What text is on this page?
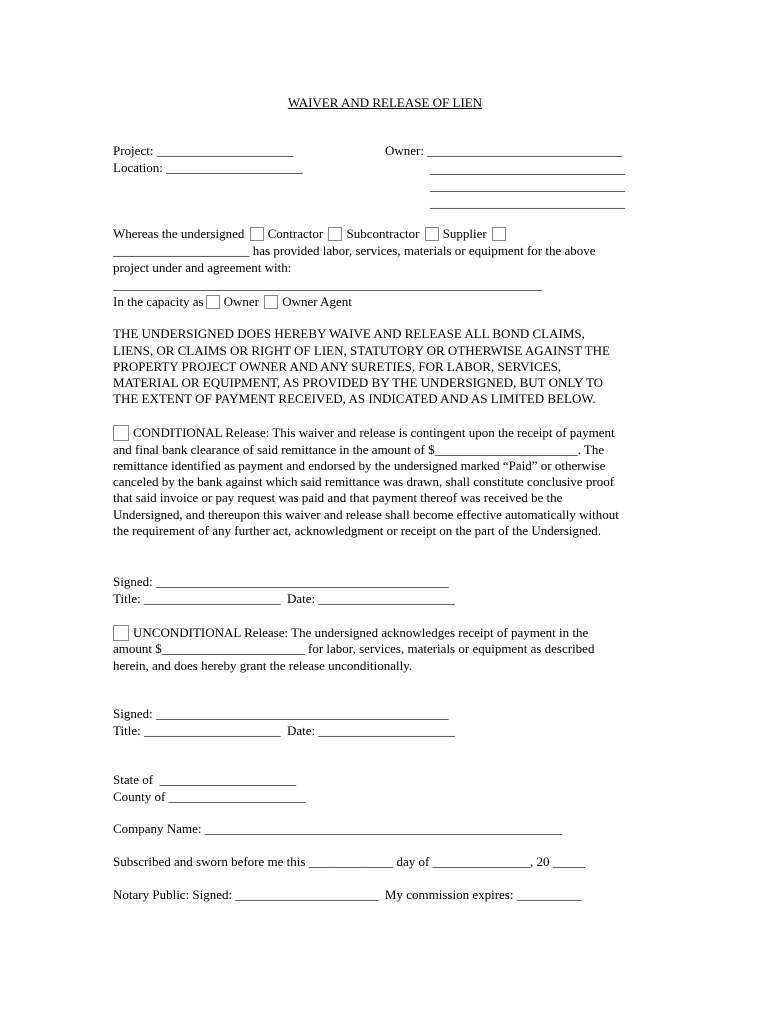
WAIVER AND RELEASE OF LIEN
Project: _____________________
Location: _____________________
Owner: ______________________________
______________________________
______________________________
______________________________
Whereas the undersigned Contractor Subcontractor Supplier
_____________________ has provided labor, services, materials or equipment for the above
project under and agreement with:
__________________________________________________________________
In the capacity as Owner Owner Agent
THE UNDERSIGNED DOES HEREBY WAIVE AND RELEASE ALL BOND CLAIMS,
LIENS, OR CLAIMS OR RIGHT OF LIEN, STATUTORY OR OTHERWISE AGAINST THE
PROPERTY PROJECT OWNER AND ANY SURETIES, FOR LABOR, SERVICES,
MATERIAL OR EQUIPMENT, AS PROVIDED BY THE UNDERSIGNED, BUT ONLY TO
THE EXTENT OF PAYMENT RECEIVED, AS INDICATED AND AS LIMITED BELOW.
CONDITIONAL Release: This waiver and release is contingent upon the receipt of payment
and final bank clearance of said remittance in the amount of $______________________. The
remittance identified as payment and endorsed by the undersigned marked “Paid” or otherwise
canceled by the bank against which said remittance was drawn, shall constitute conclusive proof
that said invoice or pay request was paid and that payment thereof was received be the
Undersigned, and thereupon this waiver and release shall become effective automatically without
the requirement of any further act, acknowledgment or receipt on the part of the Undersigned.
Signed: _____________________________________________
Title: _____________________ Date: _____________________
UNCONDITIONAL Release: The undersigned acknowledges receipt of payment in the
amount $______________________ for labor, services, materials or equipment as described
herein, and does hereby grant the release unconditionally.
Signed: _____________________________________________
Title: _____________________ Date: _____________________
State of _____________________
County of _____________________
Company Name: _______________________________________________________
Subscribed and sworn before me this _____________ day of _______________, 20 _____
Notary Public: Signed: ______________________ My commission expires: __________
